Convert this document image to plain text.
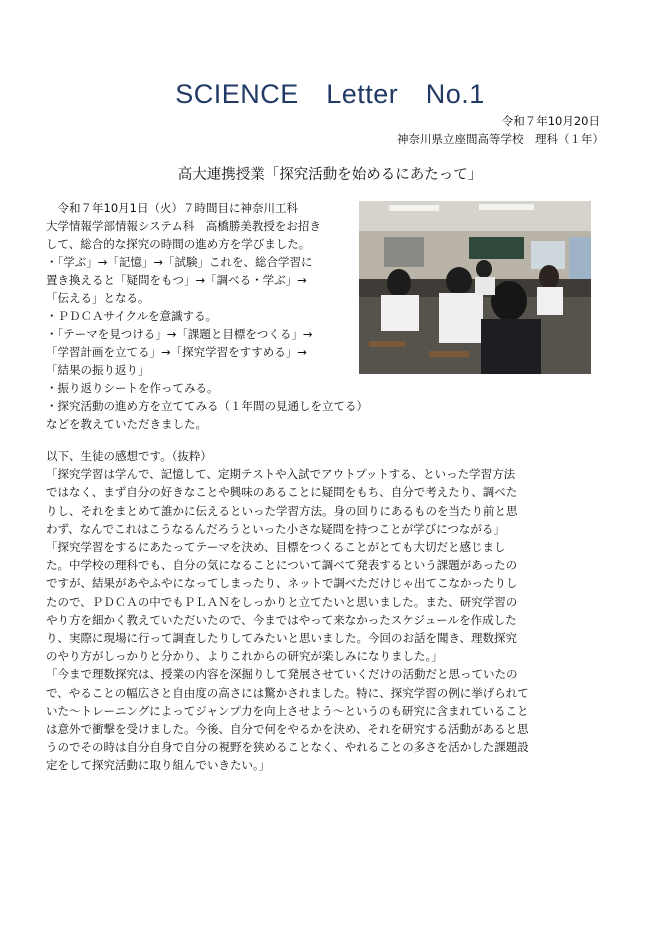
SCIENCE　Letter　No.1
令和７年10月20日
神奈川県立座間高等学校　理科（１年）
高大連携授業「探究活動を始めるにあたって」
　令和７年10月1日（火）７時間目に神奈川工科
大学情報学部情報システム科　高橋勝美教授をお招き
して、総合的な探究の時間の進め方を学びました。
・「学ぶ」→「記憶」→「試験」これを、総合学習に
置き換えると「疑問をもつ」→「調べる・学ぶ」→
「伝える」となる。
・ＰＤＣＡサイクルを意識する。
・「テーマを見つける」→「課題と目標をつくる」→
「学習計画を立てる」→「探究学習をすすめる」→
「結果の振り返り」
・振り返りシートを作ってみる。
・探究活動の進め方を立ててみる（１年間の見通しを立てる）
などを教えていただきました。
以下、生徒の感想です。（抜粋）
「探究学習は学んで、記憶して、定期テストや入試でアウトプットする、といった学習方法
ではなく、まず自分の好きなことや興味のあることに疑問をもち、自分で考えたり、調べた
りし、それをまとめて誰かに伝えるといった学習方法。身の回りにあるものを当たり前と思
わず、なんでこれはこうなるんだろうといった小さな疑問を持つことが学びにつながる」
「探究学習をするにあたってテーマを決め、目標をつくることがとても大切だと感じまし
た。中学校の理科でも、自分の気になることについて調べて発表するという課題があったの
ですが、結果があやふやになってしまったり、ネットで調べただけじゃ出てこなかったりし
たので、ＰＤＣＡの中でもＰＬＡＮをしっかりと立てたいと思いました。また、研究学習の
やり方を細かく教えていただいたので、今まではやって来なかったスケジュールを作成した
り、実際に現場に行って調査したりしてみたいと思いました。今回のお話を聞き、理数探究
のやり方がしっかりと分かり、よりこれからの研究が楽しみになりました。」
「今まで理数探究は、授業の内容を深掘りして発展させていくだけの活動だと思っていたの
で、やることの幅広さと自由度の高さには驚かされました。特に、探究学習の例に挙げられて
いた～トレーニングによってジャンプ力を向上させよう～というのも研究に含まれていること
は意外で衝撃を受けました。今後、自分で何をやるかを決め、それを研究する活動があると思
うのでその時は自分自身で自分の視野を狭めることなく、やれることの多さを活かした課題設
定をして探究活動に取り組んでいきたい。」
